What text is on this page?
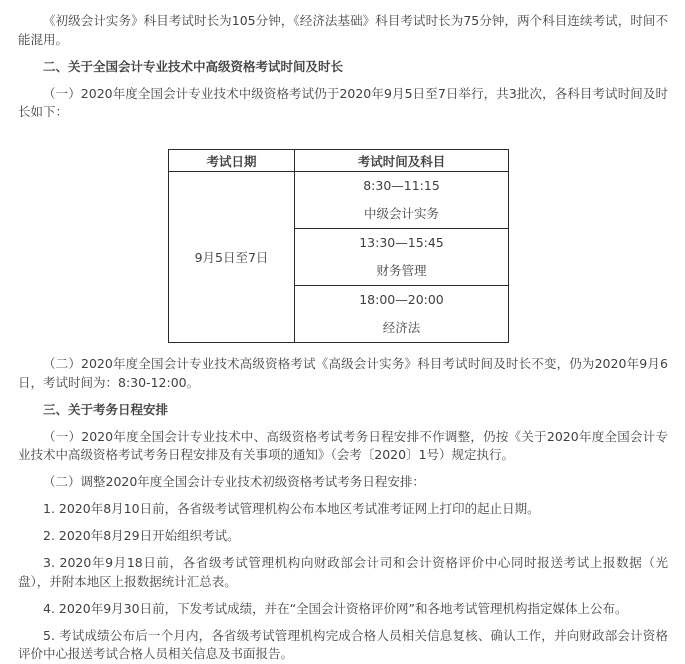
《初级会计实务》科目考试时长为105分钟，《经济法基础》科目考试时长为75分钟，两个科目连续考试，时间不能混用。

二、关于全国会计专业技术中高级资格考试时间及时长

（一）2020年度全国会计专业技术中级资格考试仍于2020年9月5日至7日举行，共3批次，各科目考试时间及时长如下：

考试日期	考试时间及科目
9月5日至7日	8:30—11:15
中级会计实务

	13:30—15:45
财务管理

	18:00—20:00
经济法

（二）2020年度全国会计专业技术高级资格考试《高级会计实务》科目考试时间及时长不变，仍为2020年9月6日，考试时间为：8:30-12:00。

三、关于考务日程安排

（一）2020年度全国会计专业技术中、高级资格考试考务日程安排不作调整，仍按《关于2020年度全国会计专业技术中高级资格考试考务日程安排及有关事项的通知》（会考〔2020〕1号）规定执行。

（二）调整2020年度全国会计专业技术初级资格考试考务日程安排：

1. 2020年8月10日前，各省级考试管理机构公布本地区考试准考证网上打印的起止日期。

2. 2020年8月29日开始组织考试。

3. 2020年9月18日前，各省级考试管理机构向财政部会计司和会计资格评价中心同时报送考试上报数据（光盘），并附本地区上报数据统计汇总表。

4. 2020年9月30日前，下发考试成绩，并在“全国会计资格评价网”和各地考试管理机构指定媒体上公布。

5. 考试成绩公布后一个月内，各省级考试管理机构完成合格人员相关信息复核、确认工作，并向财政部会计资格评价中心报送考试合格人员相关信息及书面报告。
